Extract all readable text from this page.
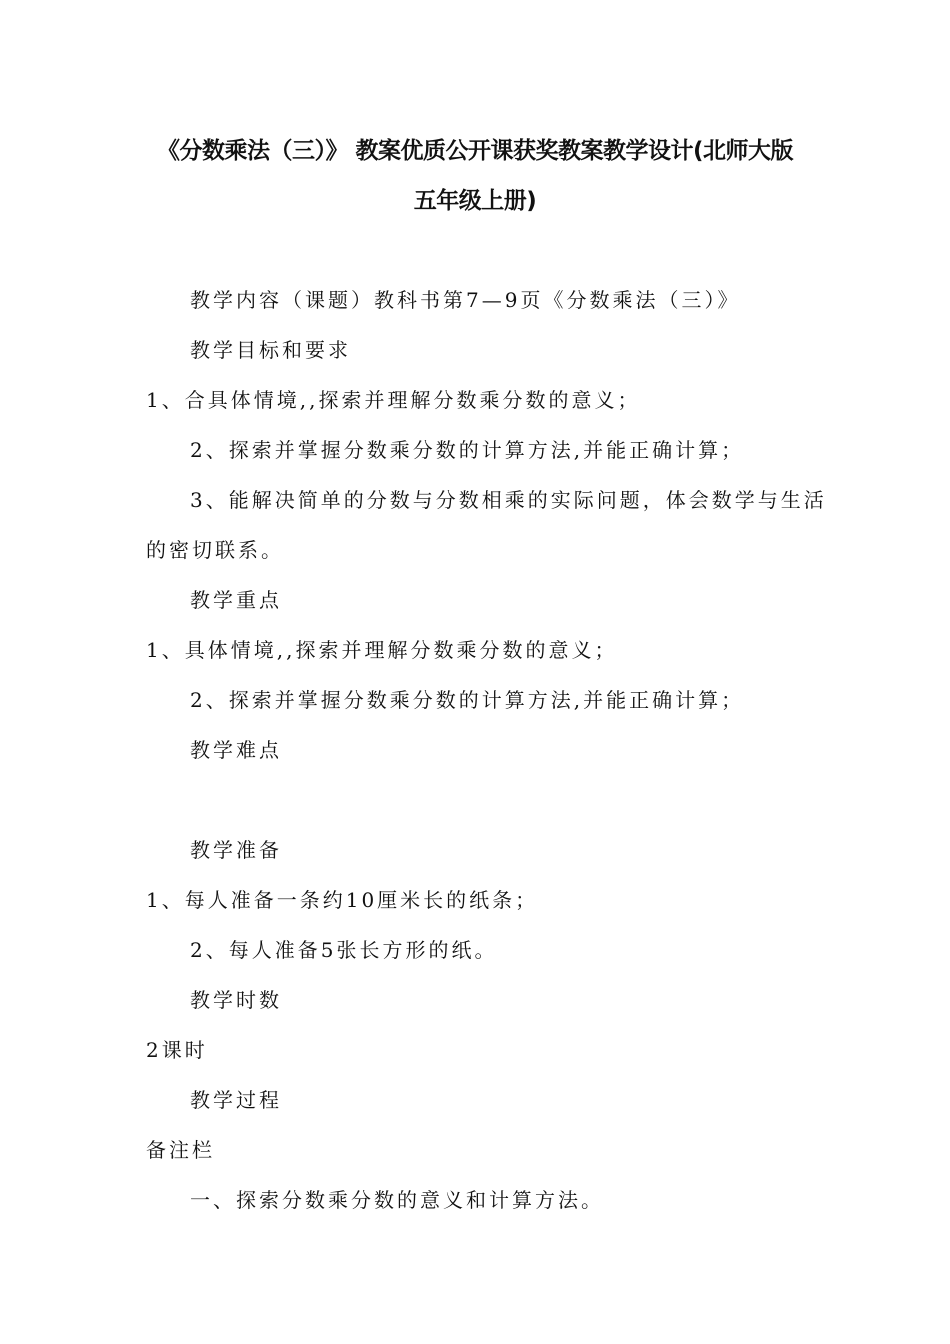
《分数乘法（三）》 教案优质公开课获奖教案教学设计(北师大版
五年级上册)
教学内容（课题）教科书第7—9页《分数乘法（三）》
教学目标和要求
1、合具体情境,,探索并理解分数乘分数的意义；
2、探索并掌握分数乘分数的计算方法,并能正确计算；
3、能解决简单的分数与分数相乘的实际问题，体会数学与生活
的密切联系。
教学重点
1、具体情境,,探索并理解分数乘分数的意义；
2、探索并掌握分数乘分数的计算方法,并能正确计算；
教学难点
教学准备
1、每人准备一条约10厘米长的纸条；
2、每人准备5张长方形的纸。
教学时数
2课时
教学过程
备注栏
一、探索分数乘分数的意义和计算方法。
